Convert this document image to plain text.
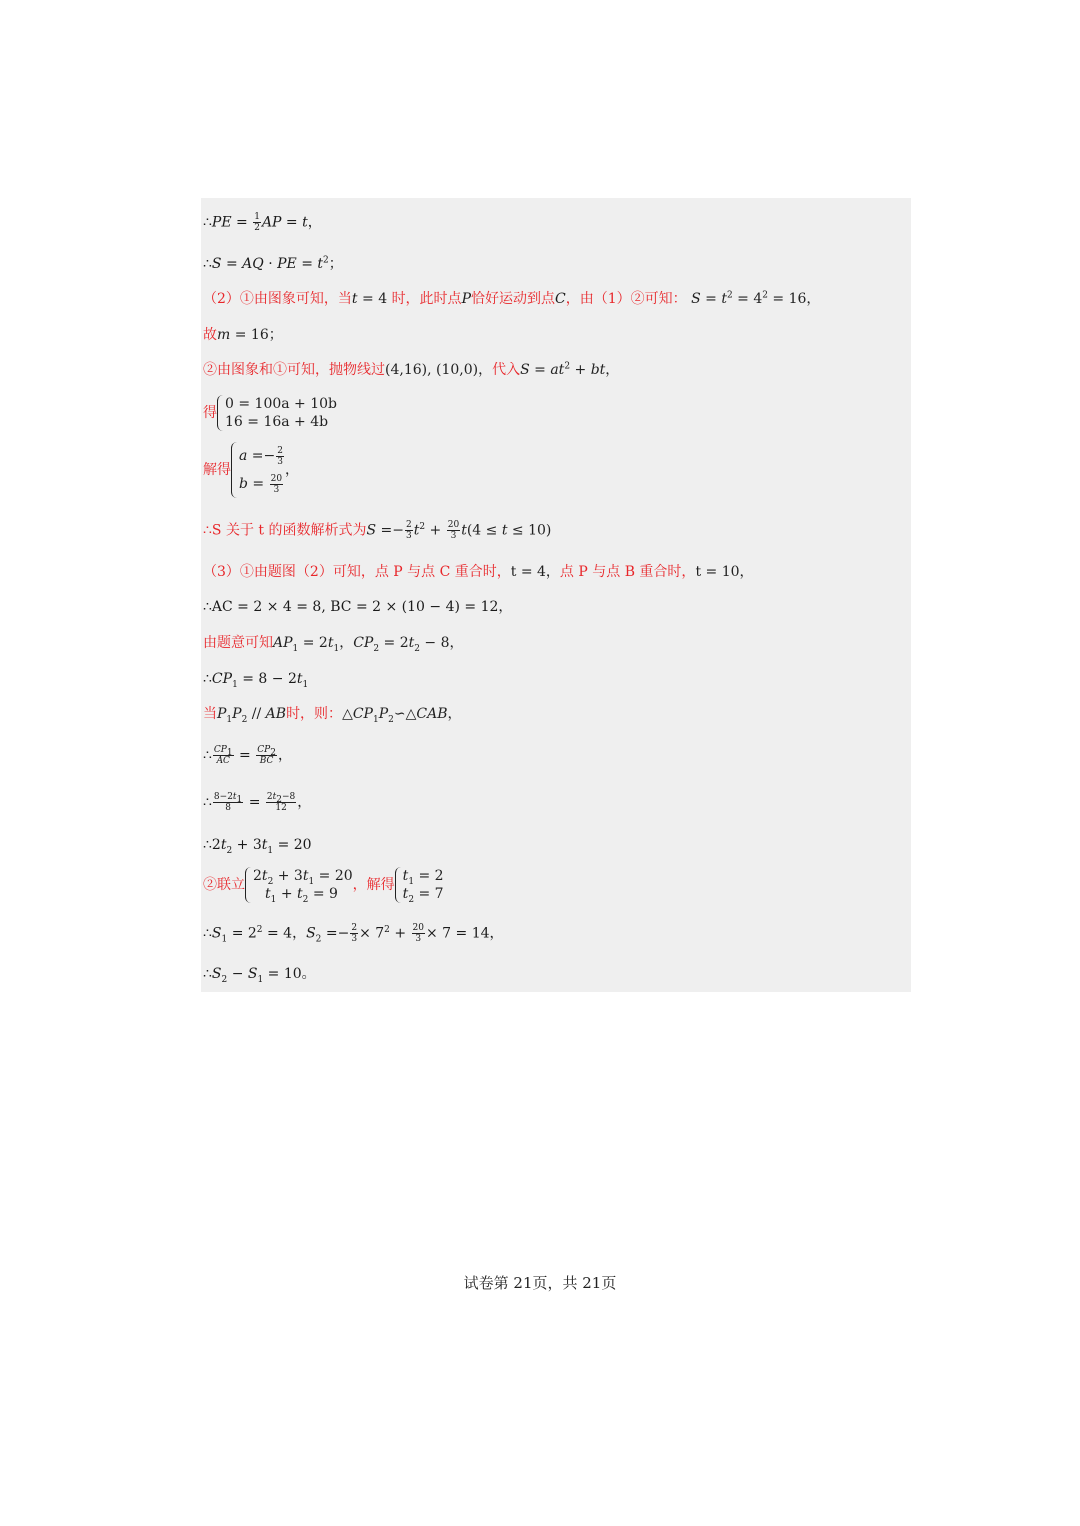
∴PE = $\frac{1}{2}$ AP = t，
∴S = AQ · PE = $t^2$；
（2）①由图象可知，当t = 4 时，此时点P恰好运动到点C，由（1）②可知： $S = t^2 = 4^2 = 16$，
故
m = 16；
②由图象和①可知，抛物线过(4,16), (10,0)，代入
$S = at^2$ + bt，
得
0 = 100a + 10b
16 = 16a + 4b
解得
$a =- \frac{2}{3}$
$b = \frac{20}{3}$
，
∴S 关于 t 的函数解析式为
$S =- \frac{2}{3} t^2 + \frac{20}{3} t(4 \le t \le 10)$
（3）①由题图（2）可知，点 P 与点 C 重合时，t = 4，点 P 与点 B 重合时，t = 10，
∴AC = 2 × 4 = 8, BC = 2 × (10 − 4) = 12，
由题意可知
$AP_1 = 2t_1$，$CP_2 = 2t_2 - 8$，
$\therefore CP_1 = 8 - 2t_1$
当
$P_1P_2$ // AB时，则：
$\triangle CP_1P_2∽\triangle CAB$，
∴ $\frac{CP_1}{AC} = \frac{CP_2}{BC}$ ，
∴ $\frac{8-2t_1}{8} = \frac{2t_2-8}{12}$ ，
$\therefore 2t_2 + 3t_1 = 20$
②联立
$2t_2 + 3t_1 = 20$
$t_1 + t_2 = 9$
，解得
$t_1 = 2$
$t_2 = 7$
$\therefore S_1 = 2^2 = 4$，$S_2 =- \frac{2}{3} \times 7^2 + \frac{20}{3} \times 7 = 14$，
$\therefore S_2 - S_1 = 10$。
试卷第 21页，共 21页
